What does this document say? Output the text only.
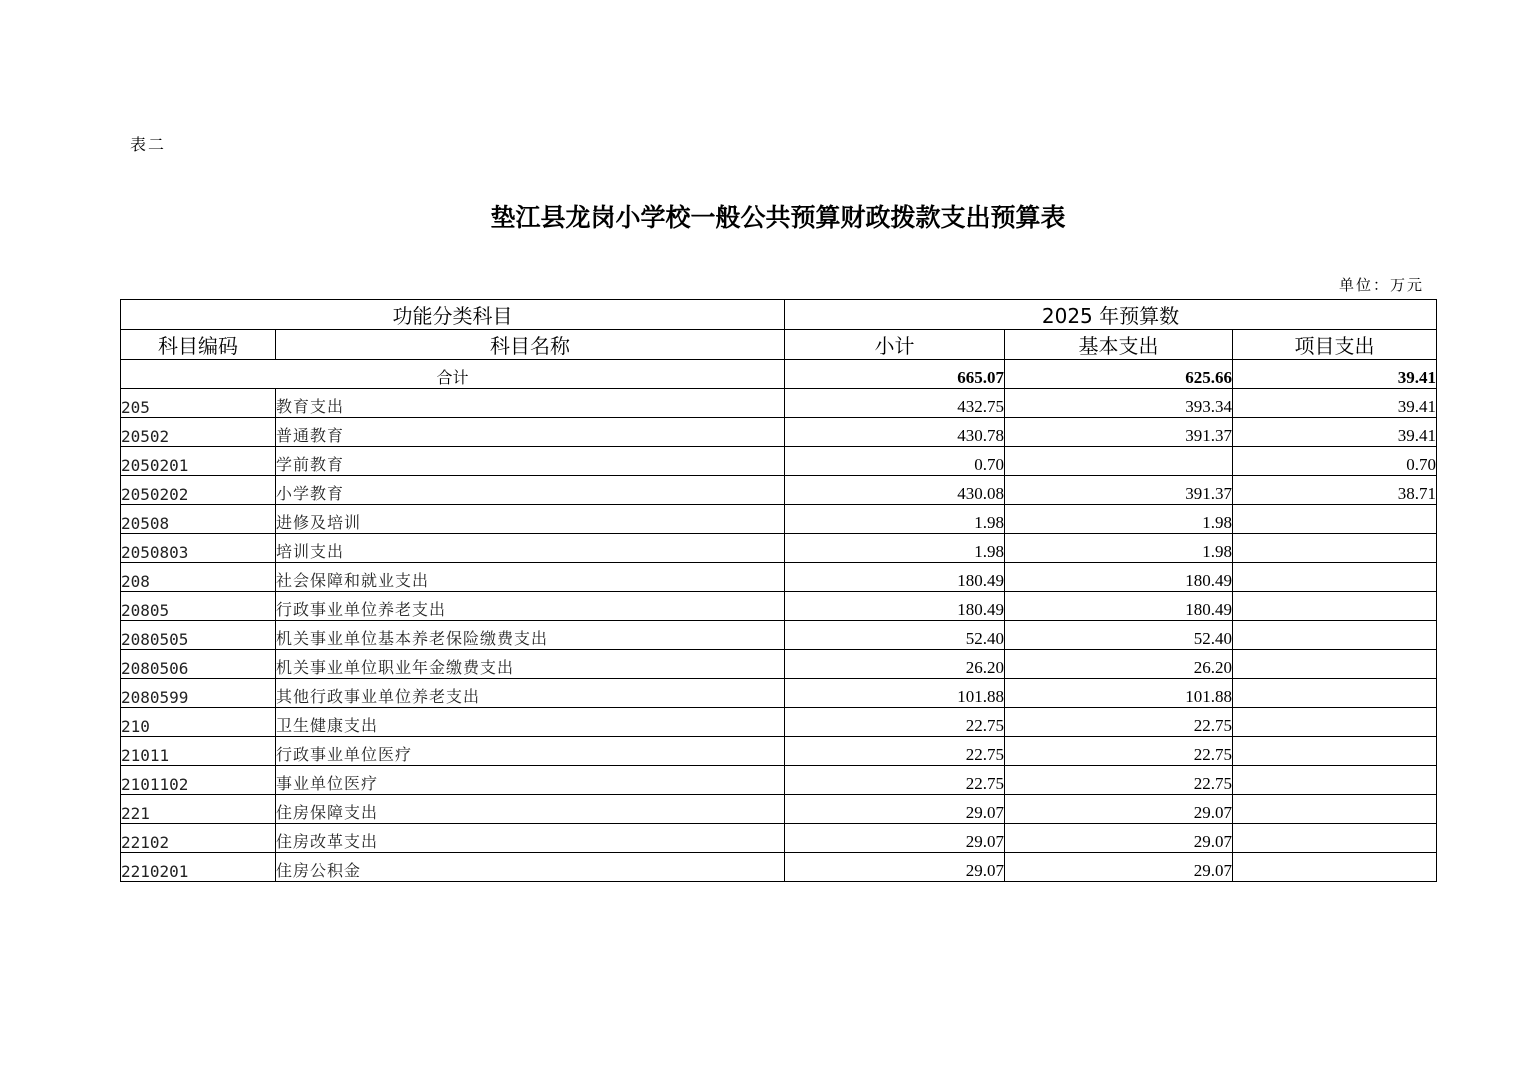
表二
垫江县龙岗小学校一般公共预算财政拨款支出预算表
单位：万元
功能分类科目		2025 年预算数		
科目编码	科目名称	小计	基本支出	项目支出
合计		665.07	625.66	39.41
205	教育支出	432.75	393.34	39.41
20502	普通教育	430.78	391.37	39.41
2050201	学前教育	0.70		0.70
2050202	小学教育	430.08	391.37	38.71
20508	进修及培训	1.98	1.98	
2050803	培训支出	1.98	1.98	
208	社会保障和就业支出	180.49	180.49	
20805	行政事业单位养老支出	180.49	180.49	
2080505	机关事业单位基本养老保险缴费支出	52.40	52.40	
2080506	机关事业单位职业年金缴费支出	26.20	26.20	
2080599	其他行政事业单位养老支出	101.88	101.88	
210	卫生健康支出	22.75	22.75	
21011	行政事业单位医疗	22.75	22.75	
2101102	事业单位医疗	22.75	22.75	
221	住房保障支出	29.07	29.07	
22102	住房改革支出	29.07	29.07	
2210201	住房公积金	29.07	29.07	
